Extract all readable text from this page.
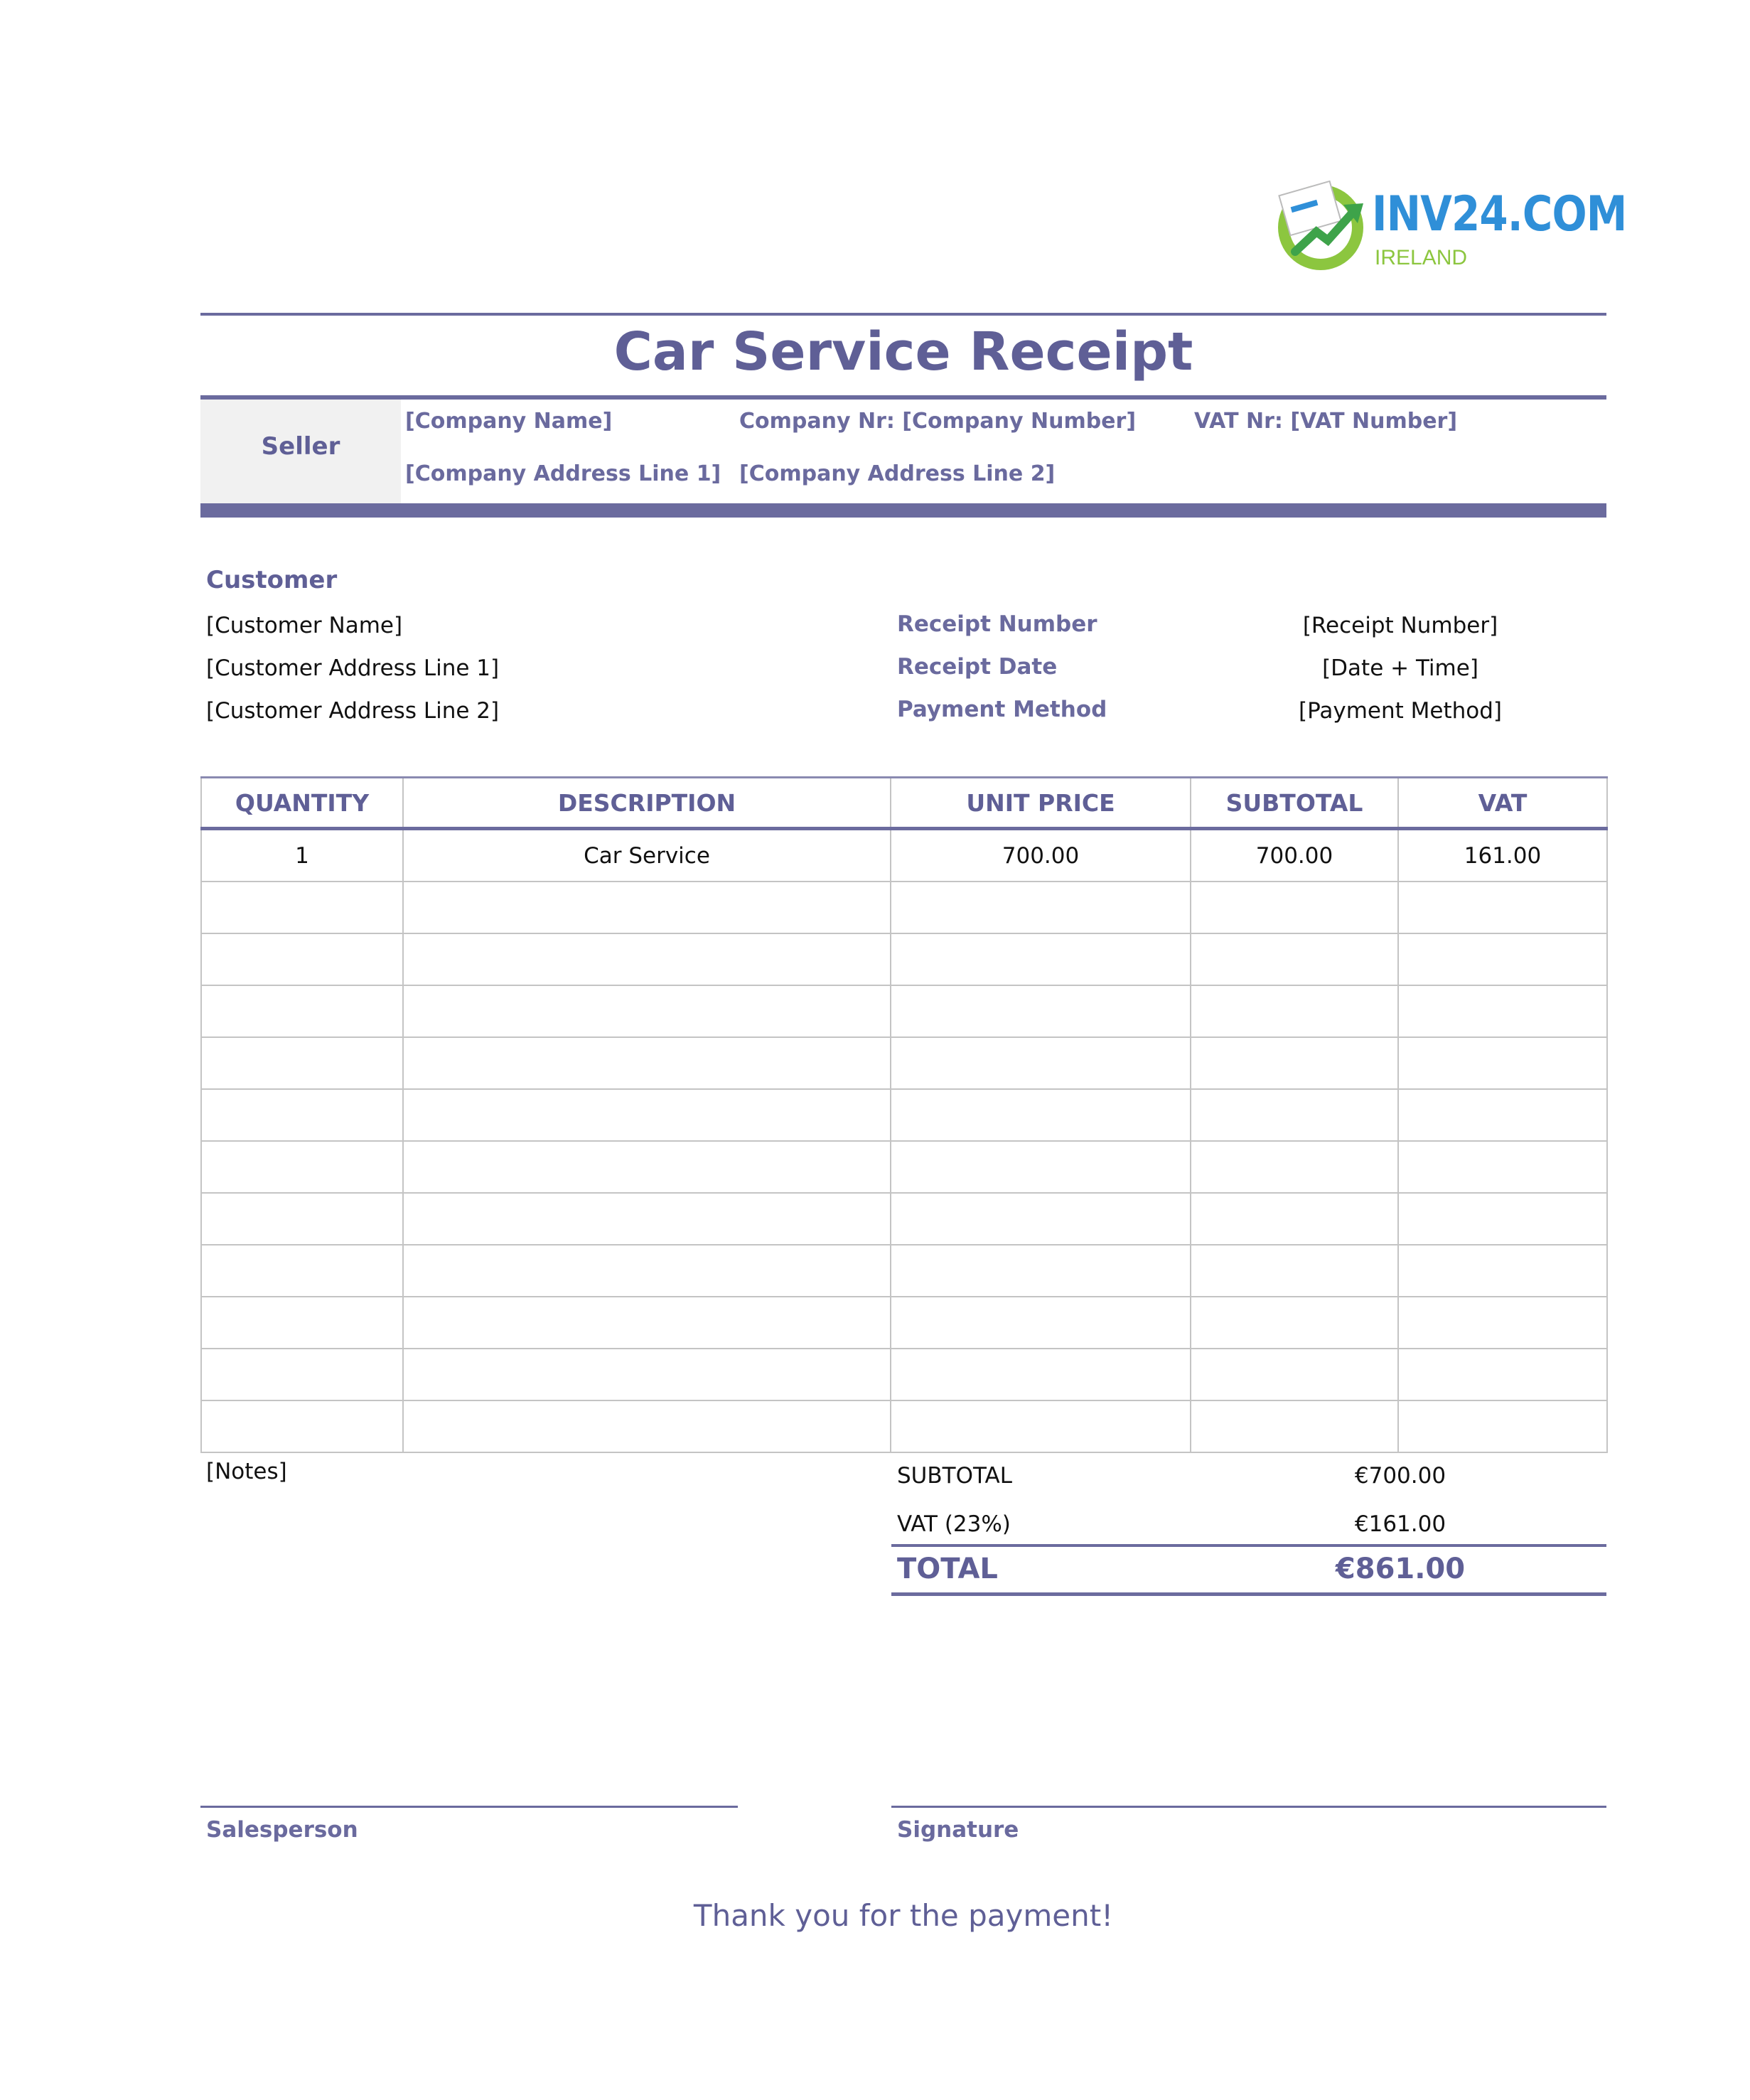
INV24.COM
IRELAND
Car Service Receipt
Seller
[Company Name]	Company Nr: [Company Number]	VAT Nr: [VAT Number]
[Company Address Line 1] [Company Address Line 2]
Customer
[Customer Name]
[Customer Address Line 1]
[Customer Address Line 2]
Receipt Number	[Receipt Number]
Receipt Date	[Date + Time]
Payment Method	[Payment Method]
QUANTITY	DESCRIPTION	UNIT PRICE	SUBTOTAL	VAT
1	Car Service	700.00	700.00	161.00

[Notes]	SUBTOTAL	€700.00
VAT (23%)	€161.00
TOTAL	€861.00
Salesperson	Signature
Thank you for the payment!
